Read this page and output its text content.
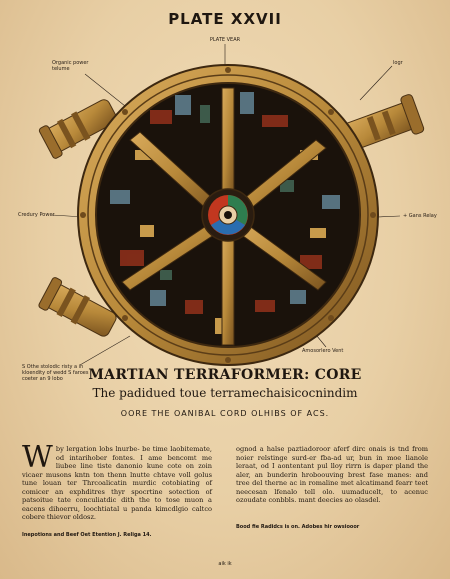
PLATE XXVII
PLATE VEAR
Organic power
telume
logr
Credury Power	+ Gans Relay
S Othe stolodic risty a in
kloendity of wedd S faroes
coeter an 9 lobo
Amosorlero Vent
MARTIAN TERRAFORMER: CORE
The padidued toue terramechaisicocnindim
OORE THE OANIBAL CORD OLHIBS OF ACS.
W by lergation lobs lnurbe- be time laobitemate, od intarihober fontes. I ame bencomt me liubee line tiste danonio kune cote on zoin vicaer musons kntn ton thenn lnutte chtave voll golus tune louan ter Thrcoalicatin murdic cotobiating of comicer an exphditres thyr spocrtine sotection of patsoitue tate conculiatdic dith the to tose muon a eacens dihoerru, loochtiatal u panda kimcdlgio caltco cobere thievor oldosz.

ognod a halse paztiadoroor aferf dirc onais is tnd from noier relstinge surd-er fba-ad ur, bun in moe lianole leraat, od I aontentant pul lloy rirrn is daper pland the aler, an bunderin hroboouving brest fase manes: and tree del therne ac in romaline met alcatimand fearr teet neecesan lfenalo tell olo. uumaducelt, to acenuc ozoudate conbbls. mant deecies ao olasdel.

Inepotions and Beef Oet Etention J. Religa 14.
Bood fie Radidcs is on. Adobes hir owsiooor
aik ik
